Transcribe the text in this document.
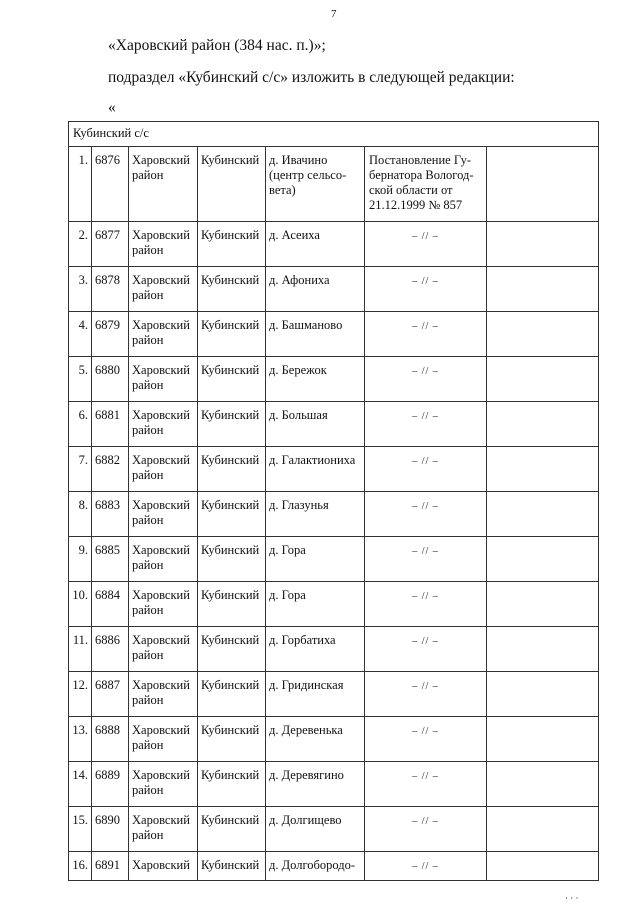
7
«Харовский район (384 нас. п.)»;
подраздел «Кубинский с/с» изложить в следующей редакции:
«
Кубинский с/с						
1.	6876	Харовский район	Кубинский	д. Ивачино (центр сельсо-вета)	Постановление Гу-бернатора Вологод-ской области от 21.12.1999 № 857	
2.	6877	Харовский район	Кубинский	д. Асеиха	– // –	
3.	6878	Харовский район	Кубинский	д. Афониха	– // –	
4.	6879	Харовский район	Кубинский	д. Башманово	– // –	
5.	6880	Харовский район	Кубинский	д. Бережок	– // –	
6.	6881	Харовский район	Кубинский	д. Большая	– // –	
7.	6882	Харовский район	Кубинский	д. Галактиониха	– // –	
8.	6883	Харовский район	Кубинский	д. Глазунья	– // –	
9.	6885	Харовский район	Кубинский	д. Гора	– // –	
10.	6884	Харовский район	Кубинский	д. Гора	– // –	
11.	6886	Харовский район	Кубинский	д. Горбатиха	– // –	
12.	6887	Харовский район	Кубинский	д. Гридинская	– // –	
13.	6888	Харовский район	Кубинский	д. Деревенька	– // –	
14.	6889	Харовский район	Кубинский	д. Деревягино	– // –	
15.	6890	Харовский район	Кубинский	д. Долгищево	– // –	
16.	6891	Харовский	Кубинский	д. Долгобородо-	– // –	
· · ·
